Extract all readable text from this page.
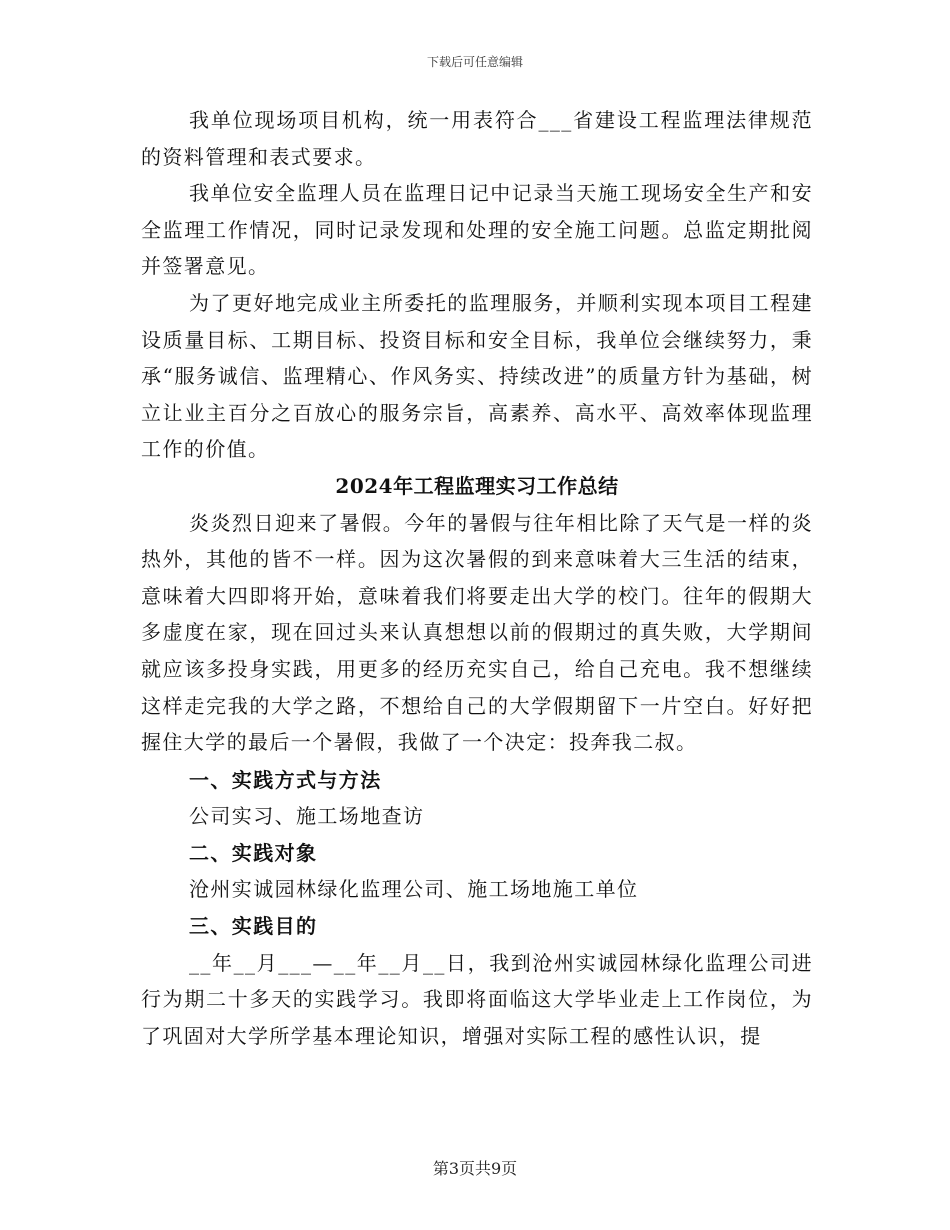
下载后可任意编辑

我单位现场项目机构，统一用表符合___省建设工程监理法律规范的资料管理和表式要求。

我单位安全监理人员在监理日记中记录当天施工现场安全生产和安全监理工作情况，同时记录发现和处理的安全施工问题。总监定期批阅并签署意见。

为了更好地完成业主所委托的监理服务，并顺利实现本项目工程建设质量目标、工期目标、投资目标和安全目标，我单位会继续努力，秉承“服务诚信、监理精心、作风务实、持续改进”的质量方针为基础，树立让业主百分之百放心的服务宗旨，高素养、高水平、高效率体现监理工作的价值。

2024年工程监理实习工作总结

炎炎烈日迎来了暑假。今年的暑假与往年相比除了天气是一样的炎热外，其他的皆不一样。因为这次暑假的到来意味着大三生活的结束，意味着大四即将开始，意味着我们将要走出大学的校门。往年的假期大多虚度在家，现在回过头来认真想想以前的假期过的真失败，大学期间就应该多投身实践，用更多的经历充实自己，给自己充电。我不想继续这样走完我的大学之路，不想给自己的大学假期留下一片空白。好好把握住大学的最后一个暑假，我做了一个决定：投奔我二叔。

一、实践方式与方法

公司实习、施工场地查访

二、实践对象

沧州实诚园林绿化监理公司、施工场地施工单位

三、实践目的

__年__月___—__年__月__日，我到沧州实诚园林绿化监理公司进行为期二十多天的实践学习。我即将面临这大学毕业走上工作岗位，为了巩固对大学所学基本理论知识，增强对实际工程的感性认识，提

第3页共9页
